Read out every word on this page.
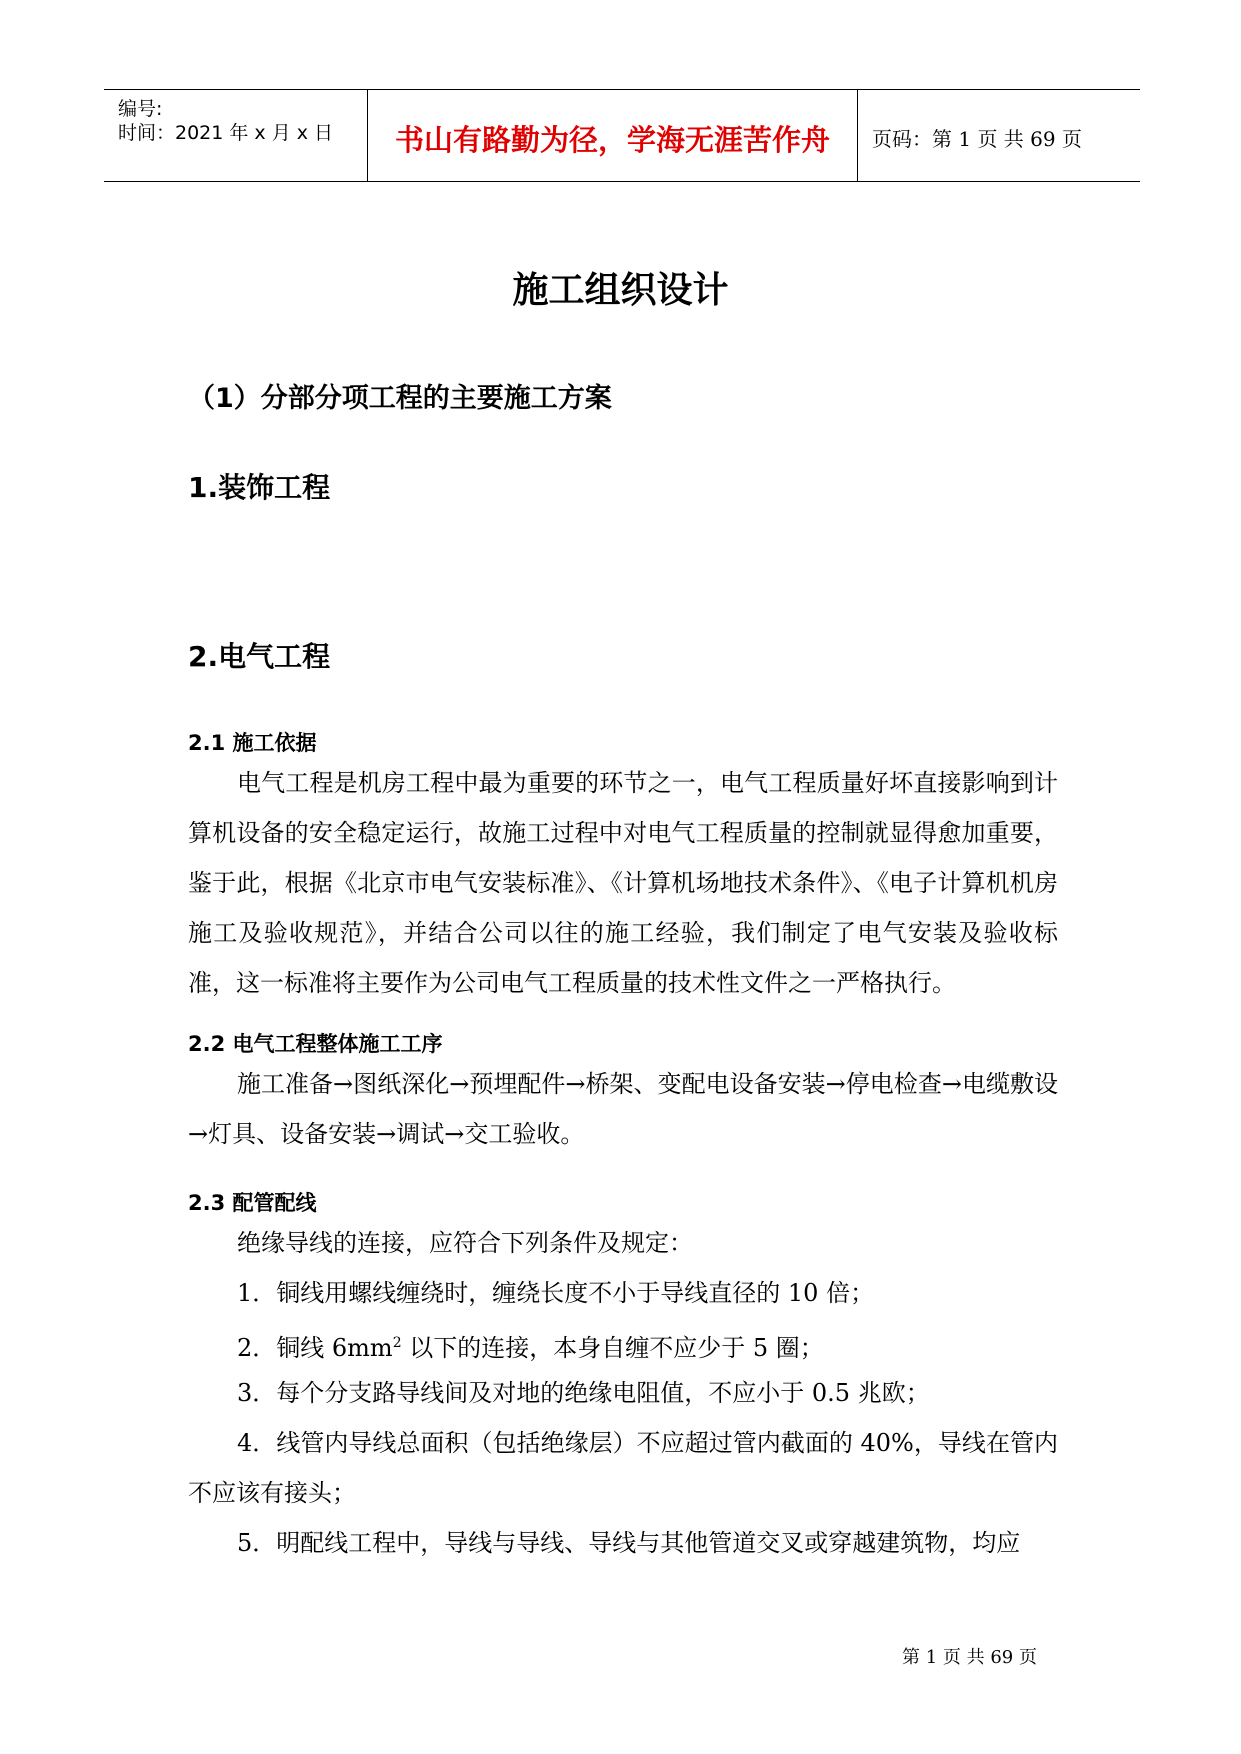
编号:
时间：2021 年 x 月 x 日	书山有路勤为径，学海无涯苦作舟	页码：第 1 页 共 69 页
施工组织设计
（1）分部分项工程的主要施工方案
1.装饰工程
2.电气工程
2.1 施工依据

电气工程是机房工程中最为重要的环节之一，电气工程质量好坏直接影响到计算机设备的安全稳定运行，故施工过程中对电气工程质量的控制就显得愈加重要，鉴于此，根据《北京市电气安装标准》、《计算机场地技术条件》、《电子计算机机房施工及验收规范》，并结合公司以往的施工经验，我们制定了电气安装及验收标准，这一标准将主要作为公司电气工程质量的技术性文件之一严格执行。

2.2 电气工程整体施工工序

施工准备→图纸深化→预埋配件→桥架、变配电设备安装→停电检查→电缆敷设→灯具、设备安装→调试→交工验收。

2.3 配管配线

绝缘导线的连接，应符合下列条件及规定：

1．铜线用螺线缠绕时，缠绕长度不小于导线直径的 10 倍；

2．铜线 $6mm^2$ 以下的连接，本身自缠不应少于 5 圈；

3．每个分支路导线间及对地的绝缘电阻值，不应小于 0.5 兆欧；

4．线管内导线总面积（包括绝缘层）不应超过管内截面的 40%，导线在管内不应该有接头；

5．明配线工程中，导线与导线、导线与其他管道交叉或穿越建筑物，均应

第 1 页 共 69 页
